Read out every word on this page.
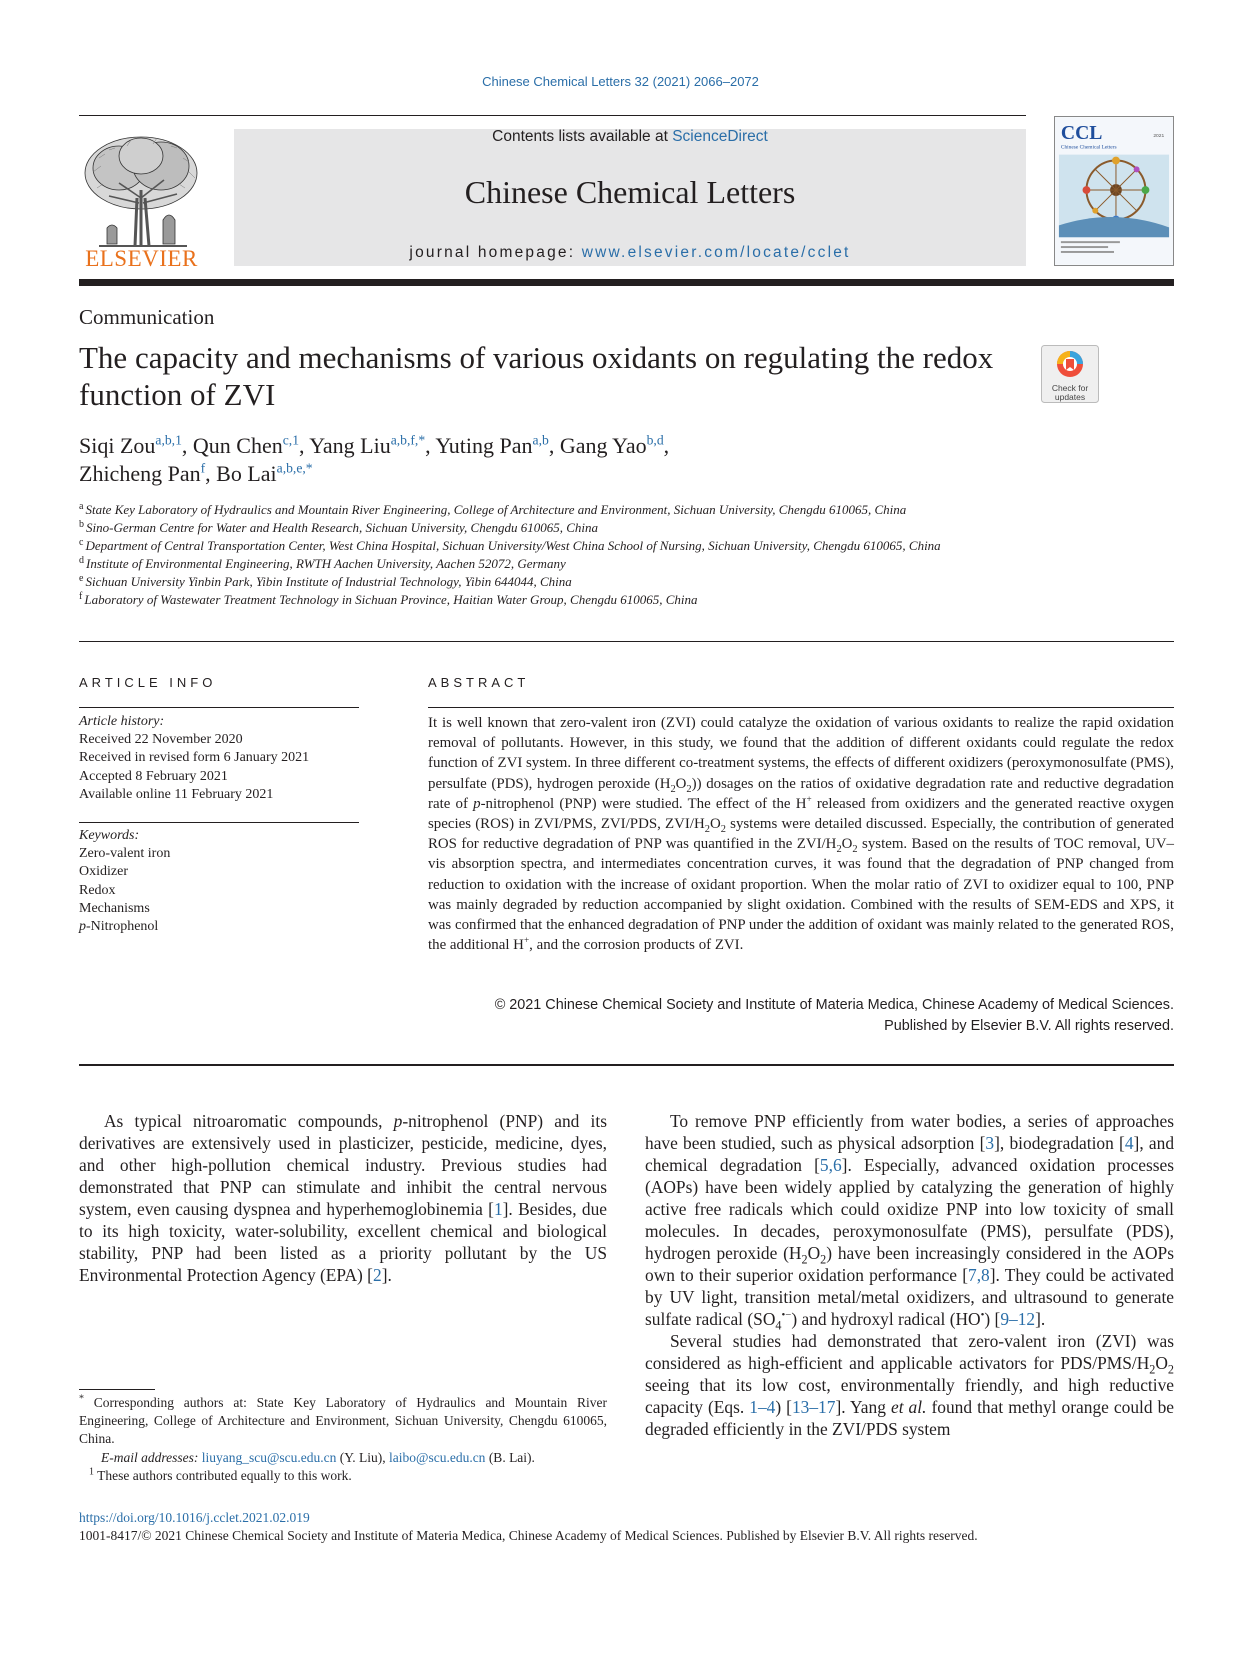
Chinese Chemical Letters 32 (2021) 2066–2072
ELSEVIER
Contents lists available at ScienceDirect
Chinese Chemical Letters
journal homepage: www.elsevier.com/locate/cclet
CCL
Chinese Chemical Letters
2021
Communication
The capacity and mechanisms of various oxidants on regulating the redox function of ZVI	Check for updates
Siqi Zou$^{a,b,1}$, Qun Chen$^{c,1}$, Yang Liu$^{a,b,f,*}$, Yuting Pan$^{a,b}$, Gang Yao$^{b,d}$,
Zhicheng Pan$^f$, Bo Lai$^{a,b,e,*}$
$^a$ State Key Laboratory of Hydraulics and Mountain River Engineering, College of Architecture and Environment, Sichuan University, Chengdu 610065, China
$^b$ Sino-German Centre for Water and Health Research, Sichuan University, Chengdu 610065, China
$^c$ Department of Central Transportation Center, West China Hospital, Sichuan University/West China School of Nursing, Sichuan University, Chengdu 610065, China
$^d$ Institute of Environmental Engineering, RWTH Aachen University, Aachen 52072, Germany
$^e$ Sichuan University Yinbin Park, Yibin Institute of Industrial Technology, Yibin 644044, China
$^f$ Laboratory of Wastewater Treatment Technology in Sichuan Province, Haitian Water Group, Chengdu 610065, China
ARTICLE INFO	ABSTRACT
Article history:
Received 22 November 2020
Received in revised form 6 January 2021
Accepted 8 February 2021
Available online 11 February 2021
Keywords:
Zero-valent iron
Oxidizer
Redox
Mechanisms
p-Nitrophenol
It is well known that zero-valent iron (ZVI) could catalyze the oxidation of various oxidants to realize the rapid oxidation removal of pollutants. However, in this study, we found that the addition of different oxidants could regulate the redox function of ZVI system. In three different co-treatment systems, the effects of different oxidizers (peroxymonosulfate (PMS), persulfate (PDS), hydrogen peroxide $(H_2O_2)$) dosages on the ratios of oxidative degradation rate and reductive degradation rate of p-nitrophenol (PNP) were studied. The effect of the H+ released from oxidizers and the generated reactive oxygen species (ROS) in ZVI/PMS, ZVI/PDS, ZVI/$H_2O_2$ systems were detailed discussed. Especially, the contribution of generated ROS for reductive degradation of PNP was quantified in the ZVI/$H_2O_2$ system. Based on the results of TOC removal, UV–vis absorption spectra, and intermediates concentration curves, it was found that the degradation of PNP changed from reduction to oxidation with the increase of oxidant proportion. When the molar ratio of ZVI to oxidizer equal to 100, PNP was mainly degraded by reduction accompanied by slight oxidation. Combined with the results of SEM-EDS and XPS, it was confirmed that the enhanced degradation of PNP under the addition of oxidant was mainly related to the generated ROS, the additional H+, and the corrosion products of ZVI.
© 2021 Chinese Chemical Society and Institute of Materia Medica, Chinese Academy of Medical Sciences.
Published by Elsevier B.V. All rights reserved.

As typical nitroaromatic compounds, p-nitrophenol (PNP) and its derivatives are extensively used in plasticizer, pesticide, medicine, dyes, and other high-pollution chemical industry. Previous studies had demonstrated that PNP can stimulate and inhibit the central nervous system, even causing dyspnea and hyperhemoglobinemia [1]. Besides, due to its high toxicity, water-solubility, excellent chemical and biological stability, PNP had been listed as a priority pollutant by the US Environmental Protection Agency (EPA) [2].

To remove PNP efficiently from water bodies, a series of approaches have been studied, such as physical adsorption [3], biodegradation [4], and chemical degradation [5,6]. Especially, advanced oxidation processes (AOPs) have been widely applied by catalyzing the generation of highly active free radicals which could oxidize PNP into low toxicity of small molecules. In decades, peroxymonosulfate (PMS), persulfate (PDS), hydrogen peroxide $(H_2O_2)$ have been increasingly considered in the AOPs own to their superior oxidation performance [7,8]. They could be activated by UV light, transition metal/metal oxidizers, and ultrasound to generate sulfate radical $(SO_4^{•-})$ and hydroxyl radical (HO•) [9–12].

Several studies had demonstrated that zero-valent iron (ZVI) was considered as high-efficient and applicable activators for PDS/$PMS/H_2O_2$ seeing that its low cost, environmentally friendly, and high reductive capacity (Eqs. 1–4) [13–17]. Yang et al. found that methyl orange could be degraded efficiently in the ZVI/PDS system

* Corresponding authors at: State Key Laboratory of Hydraulics and Mountain River Engineering, College of Architecture and Environment, Sichuan University, Chengdu 610065, China.

E-mail addresses: liuyang_scu@scu.edu.cn (Y. Liu), laibo@scu.edu.cn (B. Lai).

$^1$ These authors contributed equally to this work.

https://doi.org/10.1016/j.cclet.2021.02.019
1001-8417/© 2021 Chinese Chemical Society and Institute of Materia Medica, Chinese Academy of Medical Sciences. Published by Elsevier B.V. All rights reserved.
